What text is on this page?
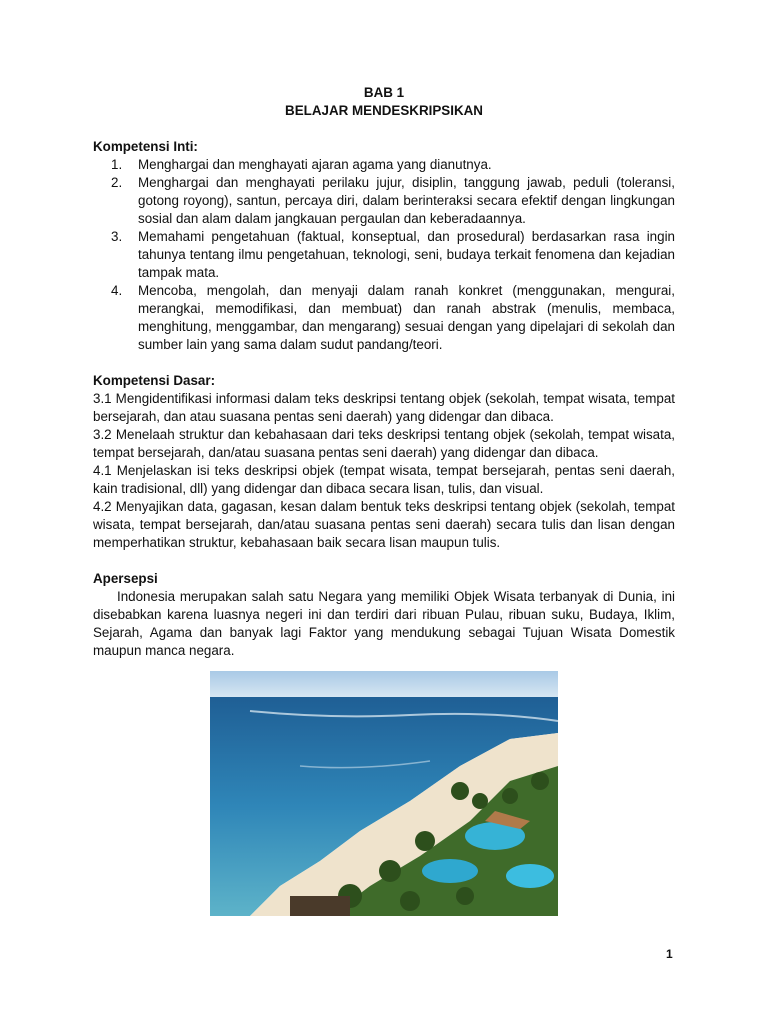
BAB 1
BELAJAR MENDESKRIPSIKAN
Kompetensi Inti:
1.	Menghargai dan menghayati ajaran agama yang dianutnya.
2.	Menghargai dan menghayati perilaku jujur, disiplin, tanggung jawab, peduli (toleransi, gotong royong), santun, percaya diri, dalam berinteraksi secara efektif dengan lingkungan sosial dan alam dalam jangkauan pergaulan dan keberadaannya.
3.	Memahami pengetahuan (faktual, konseptual, dan prosedural) berdasarkan rasa ingin tahunya tentang ilmu pengetahuan, teknologi, seni, budaya terkait fenomena dan kejadian tampak mata.
4.	Mencoba, mengolah, dan menyaji dalam ranah konkret (menggunakan, mengurai, merangkai, memodifikasi, dan membuat) dan ranah abstrak (menulis, membaca, menghitung, menggambar, dan mengarang) sesuai dengan yang dipelajari di sekolah dan sumber lain yang sama dalam sudut pandang/teori.
Kompetensi Dasar:

3.1 Mengidentifikasi informasi dalam teks deskripsi tentang objek (sekolah, tempat wisata, tempat bersejarah, dan atau suasana pentas seni daerah) yang didengar dan dibaca.

3.2 Menelaah struktur dan kebahasaan dari teks deskripsi tentang objek (sekolah, tempat wisata, tempat bersejarah, dan/atau suasana pentas seni daerah) yang didengar dan dibaca.

4.1 Menjelaskan isi teks deskripsi objek (tempat wisata, tempat bersejarah, pentas seni daerah, kain tradisional, dll) yang didengar dan dibaca secara lisan, tulis, dan visual.

4.2 Menyajikan data, gagasan, kesan dalam bentuk teks deskripsi tentang objek (sekolah, tempat wisata, tempat bersejarah, dan/atau suasana pentas seni daerah) secara tulis dan lisan dengan memperhatikan struktur, kebahasaan baik secara lisan maupun tulis.

Apersepsi

Indonesia merupakan salah satu Negara yang memiliki Objek Wisata terbanyak di Dunia, ini disebabkan karena luasnya negeri ini dan terdiri dari ribuan Pulau, ribuan suku, Budaya, Iklim, Sejarah, Agama dan banyak lagi Faktor yang mendukung sebagai Tujuan Wisata Domestik maupun manca negara.

1
